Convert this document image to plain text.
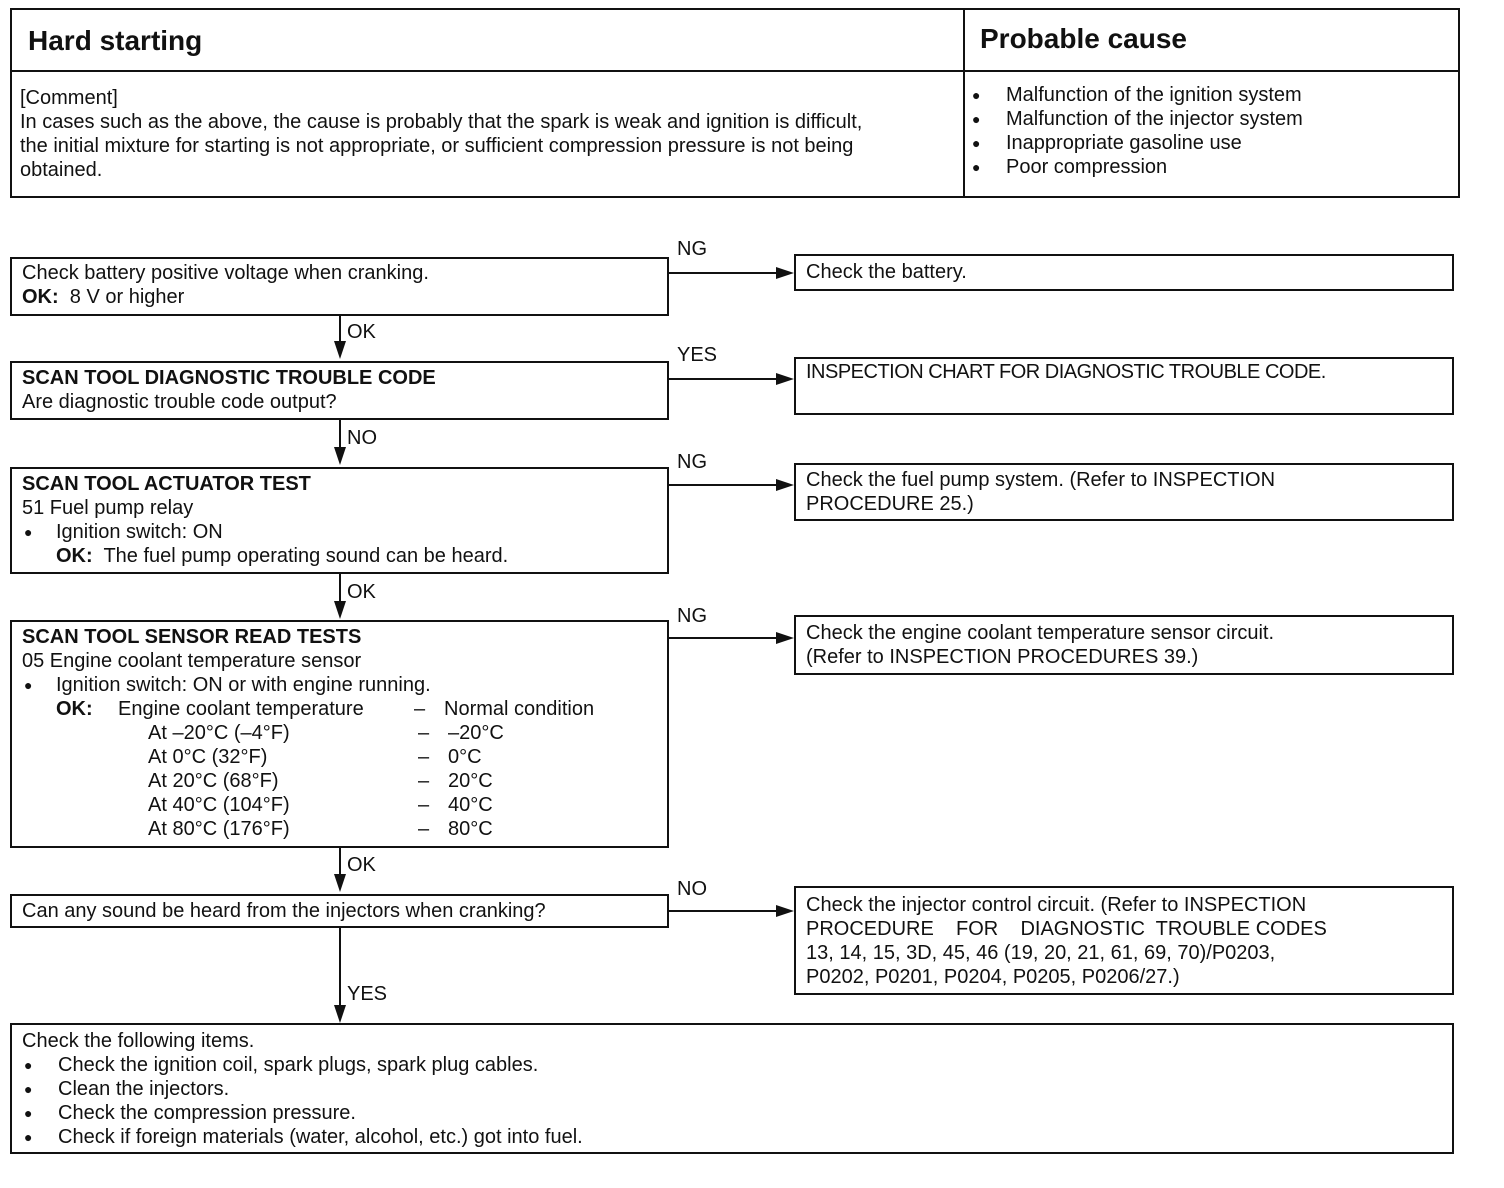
Hard starting	Probable cause
[Comment]
In cases such as the above, the cause is probably that the spark is weak and ignition is difficult,
the initial mixture for starting is not appropriate, or sufficient compression pressure is not being
obtained.
● Malfunction of the ignition system
● Malfunction of the injector system
● Inappropriate gasoline use
● Poor compression
Check battery positive voltage when cranking.
OK: 8 V or higher
NG
Check the battery.
OK
SCAN TOOL DIAGNOSTIC TROUBLE CODE
Are diagnostic trouble code output?
YES
INSPECTION CHART FOR DIAGNOSTIC TROUBLE CODE.
NO
SCAN TOOL ACTUATOR TEST
51 Fuel pump relay
● Ignition switch: ON
OK: The fuel pump operating sound can be heard.
NG
Check the fuel pump system. (Refer to INSPECTION
PROCEDURE 25.)
OK
SCAN TOOL SENSOR READ TESTS
05 Engine coolant temperature sensor
● Ignition switch: ON or with engine running.
OK:	Engine coolant temperature	– Normal condition
At –20°C (–4°F)	– –20°C
At 0°C (32°F)	– 0°C
At 20°C (68°F)	– 20°C
At 40°C (104°F)	– 40°C
At 80°C (176°F)	– 80°C
NG
Check the engine coolant temperature sensor circuit.
(Refer to INSPECTION PROCEDURES 39.)
OK
Can any sound be heard from the injectors when cranking?
NO
Check the injector control circuit. (Refer to INSPECTION
PROCEDURE    FOR    DIAGNOSTIC  TROUBLE CODES
13, 14, 15, 3D, 45, 46 (19, 20, 21, 61, 69, 70)/P0203,
P0202, P0201, P0204, P0205, P0206/27.)
YES
Check the following items.
● Check the ignition coil, spark plugs, spark plug cables.
● Clean the injectors.
● Check the compression pressure.
● Check if foreign materials (water, alcohol, etc.) got into fuel.
